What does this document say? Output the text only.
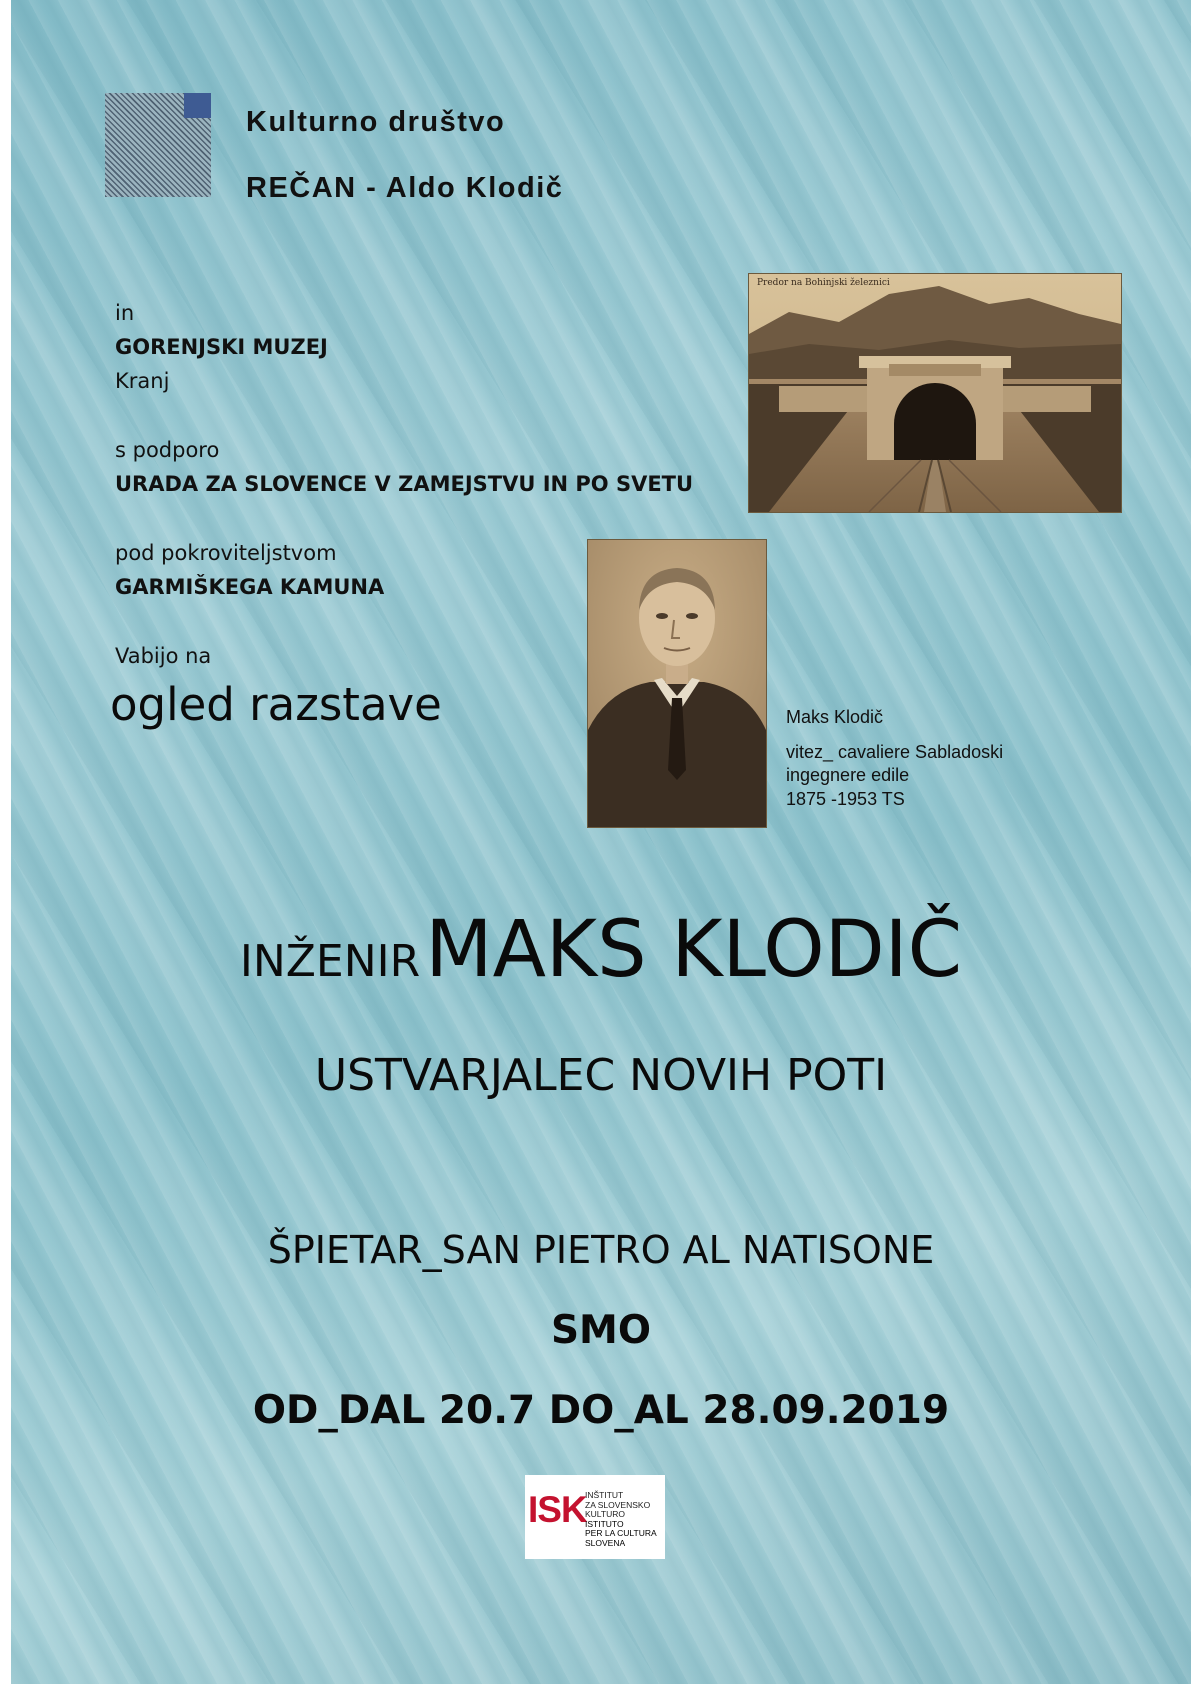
Kulturno društvo
REČAN - Aldo Klodič
in
GORENJSKI MUZEJ
Kranj
s podporo
URADA ZA SLOVENCE V ZAMEJSTVU IN PO SVETU
pod pokroviteljstvom
GARMIŠKEGA KAMUNA
Vabijo na
ogled razstave
Predor na Bohinjski železnici
Maks Klodič
vitez_ cavaliere Sabladoski
ingegnere edile
1875 -1953 TS
INŽENIR MAKS KLODIČ
USTVARJALEC NOVIH POTI
ŠPIETAR_SAN PIETRO AL NATISONE
SMO
OD_DAL 20.7 DO_AL 28.09.2019
ISK
INŠTITUT
ZA SLOVENSKO
KULTURO
ISTITUTO
PER LA CULTURA
SLOVENA
